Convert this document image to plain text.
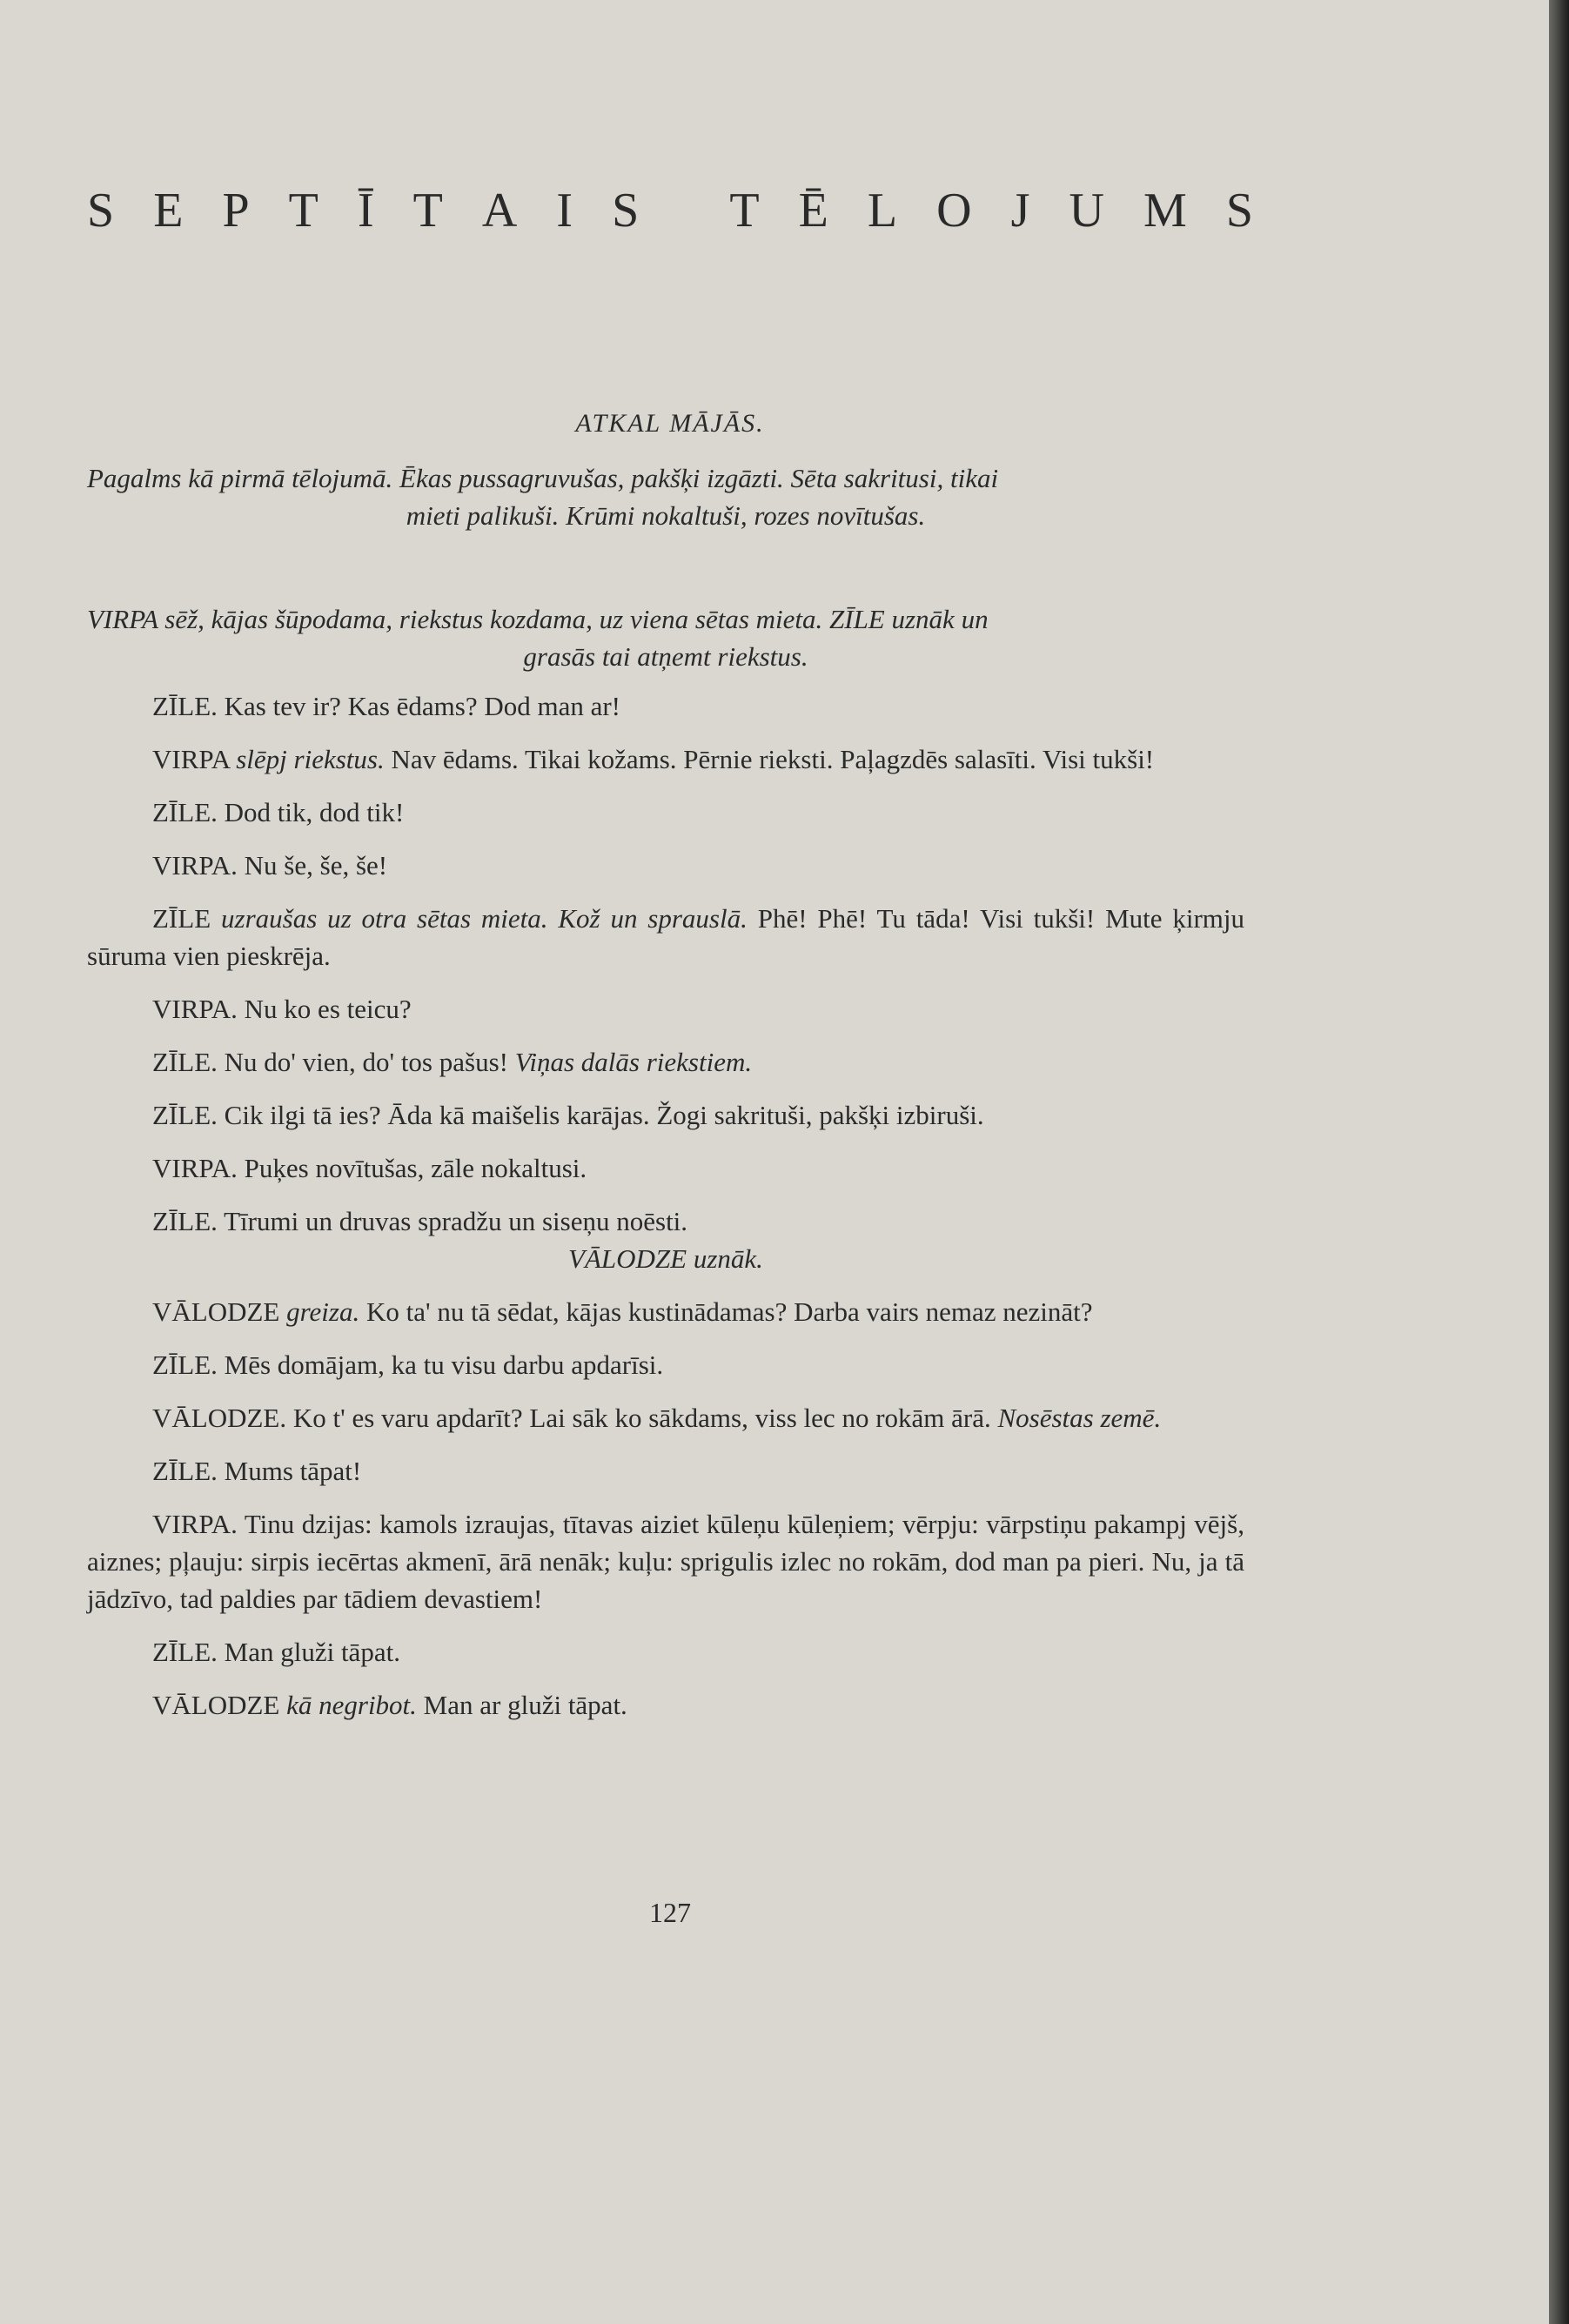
S E P T Ī T A I S
T Ē L O J U M S
ATKAL MĀJĀS.
Pagalms kā pirmā tēlojumā. Ēkas pussagruvušas, pakšķi izgāzti. Sēta sakritusi, tikai
mieti palikuši. Krūmi nokaltuši, rozes novītušas.
VIRPA sēž, kājas šūpodama, riekstus kozdama, uz viena sētas mieta. ZĪLE uznāk un
grasās tai atņemt riekstus.

ZĪLE. Kas tev ir? Kas ēdams? Dod man ar!

VIRPA slēpj riekstus. Nav ēdams. Tikai kožams. Pērnie rieksti. Paļagzdēs salasīti. Visi tukši!

ZĪLE. Dod tik, dod tik!

VIRPA. Nu še, še, še!

ZĪLE uzraušas uz otra sētas mieta. Kož un sprauslā. Phē! Phē! Tu tāda! Visi tukši! Mute ķirmju sūruma vien pieskrēja.

VIRPA. Nu ko es teicu?

ZĪLE. Nu do' vien, do' tos pašus! Viņas dalās riekstiem.

ZĪLE. Cik ilgi tā ies? Āda kā maišelis karājas. Žogi sakrituši, pakšķi izbiruši.

VIRPA. Puķes novītušas, zāle nokaltusi.

ZĪLE. Tīrumi un druvas spradžu un siseņu noēsti.

VĀLODZE uznāk.

VĀLODZE greiza. Ko ta' nu tā sēdat, kājas kustinādamas? Darba vairs nemaz nezināt?

ZĪLE. Mēs domājam, ka tu visu darbu apdarīsi.

VĀLODZE. Ko t' es varu apdarīt? Lai sāk ko sākdams, viss lec no rokām ārā. Nosēstas zemē.

ZĪLE. Mums tāpat!

VIRPA. Tinu dzijas: kamols izraujas, tītavas aiziet kūleņu kūleņiem; vērpju: vārpstiņu pakampj vējš, aiznes; pļauju: sirpis iecērtas akmenī, ārā nenāk; kuļu: sprigulis izlec no rokām, dod man pa pieri. Nu, ja tā jādzīvo, tad paldies par tādiem devastiem!

ZĪLE. Man gluži tāpat.

VĀLODZE kā negribot. Man ar gluži tāpat.

127
